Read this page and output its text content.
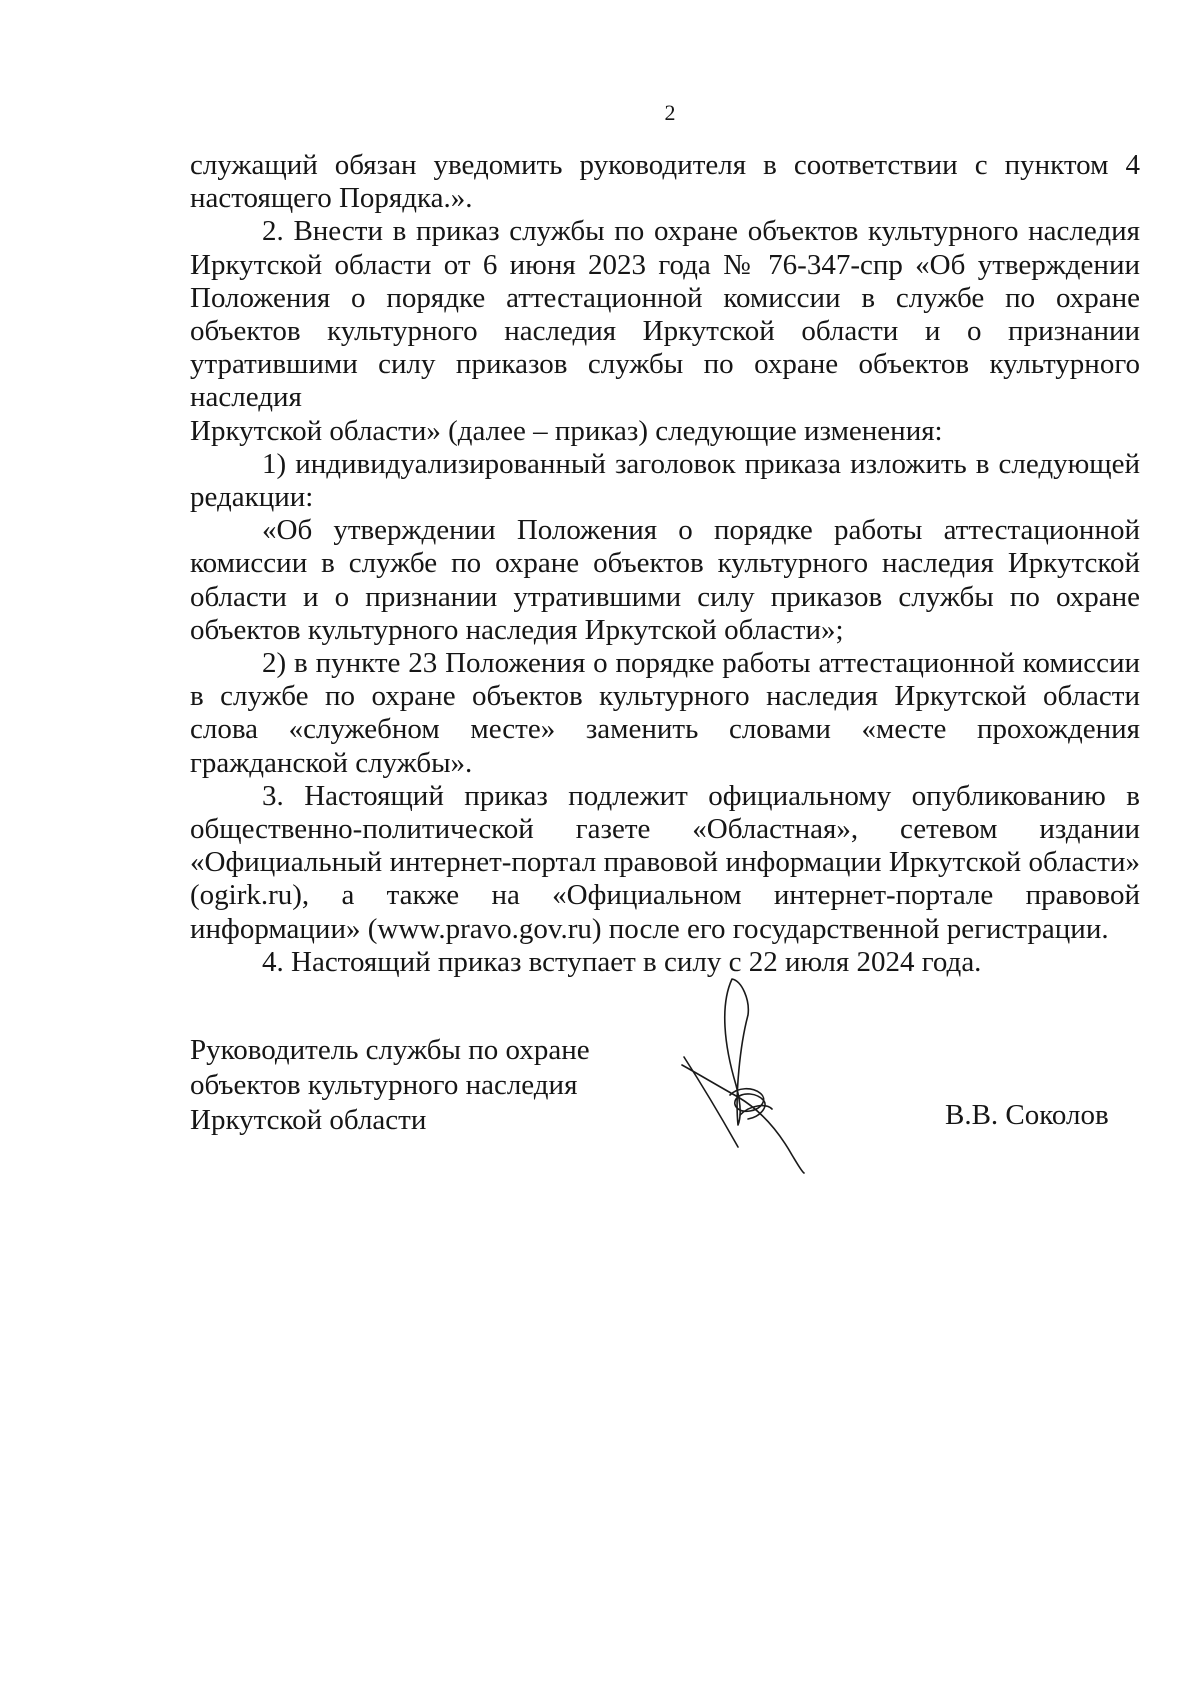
2

служащий обязан уведомить руководителя в соответствии с пунктом 4 настоящего Порядка.».

2. Внести в приказ службы по охране объектов культурного наследия Иркутской области от 6 июня 2023 года № 76-347-спр «Об утверждении Положения о порядке аттестационной комиссии в службе по охране объектов культурного наследия Иркутской области и о признании утратившими силу приказов службы по охране объектов культурного наследия

Иркутской области» (далее – приказ) следующие изменения:

1) индивидуализированный заголовок приказа изложить в следующей редакции:

«Об утверждении Положения о порядке работы аттестационной комиссии в службе по охране объектов культурного наследия Иркутской области и о признании утратившими силу приказов службы по охране объектов культурного наследия Иркутской области»;

2) в пункте 23 Положения о порядке работы аттестационной комиссии в службе по охране объектов культурного наследия Иркутской области слова «служебном месте» заменить словами «месте прохождения гражданской службы».

3. Настоящий приказ подлежит официальному опубликованию в общественно-политической газете «Областная», сетевом издании «Официальный интернет-портал правовой информации Иркутской области» (ogirk.ru), а также на «Официальном интернет-портале правовой информации» (www.pravo.gov.ru) после его государственной регистрации.

4. Настоящий приказ вступает в силу с 22 июля 2024 года.

Руководитель службы по охране
объектов культурного наследия
Иркутской области	В.В. Соколов
